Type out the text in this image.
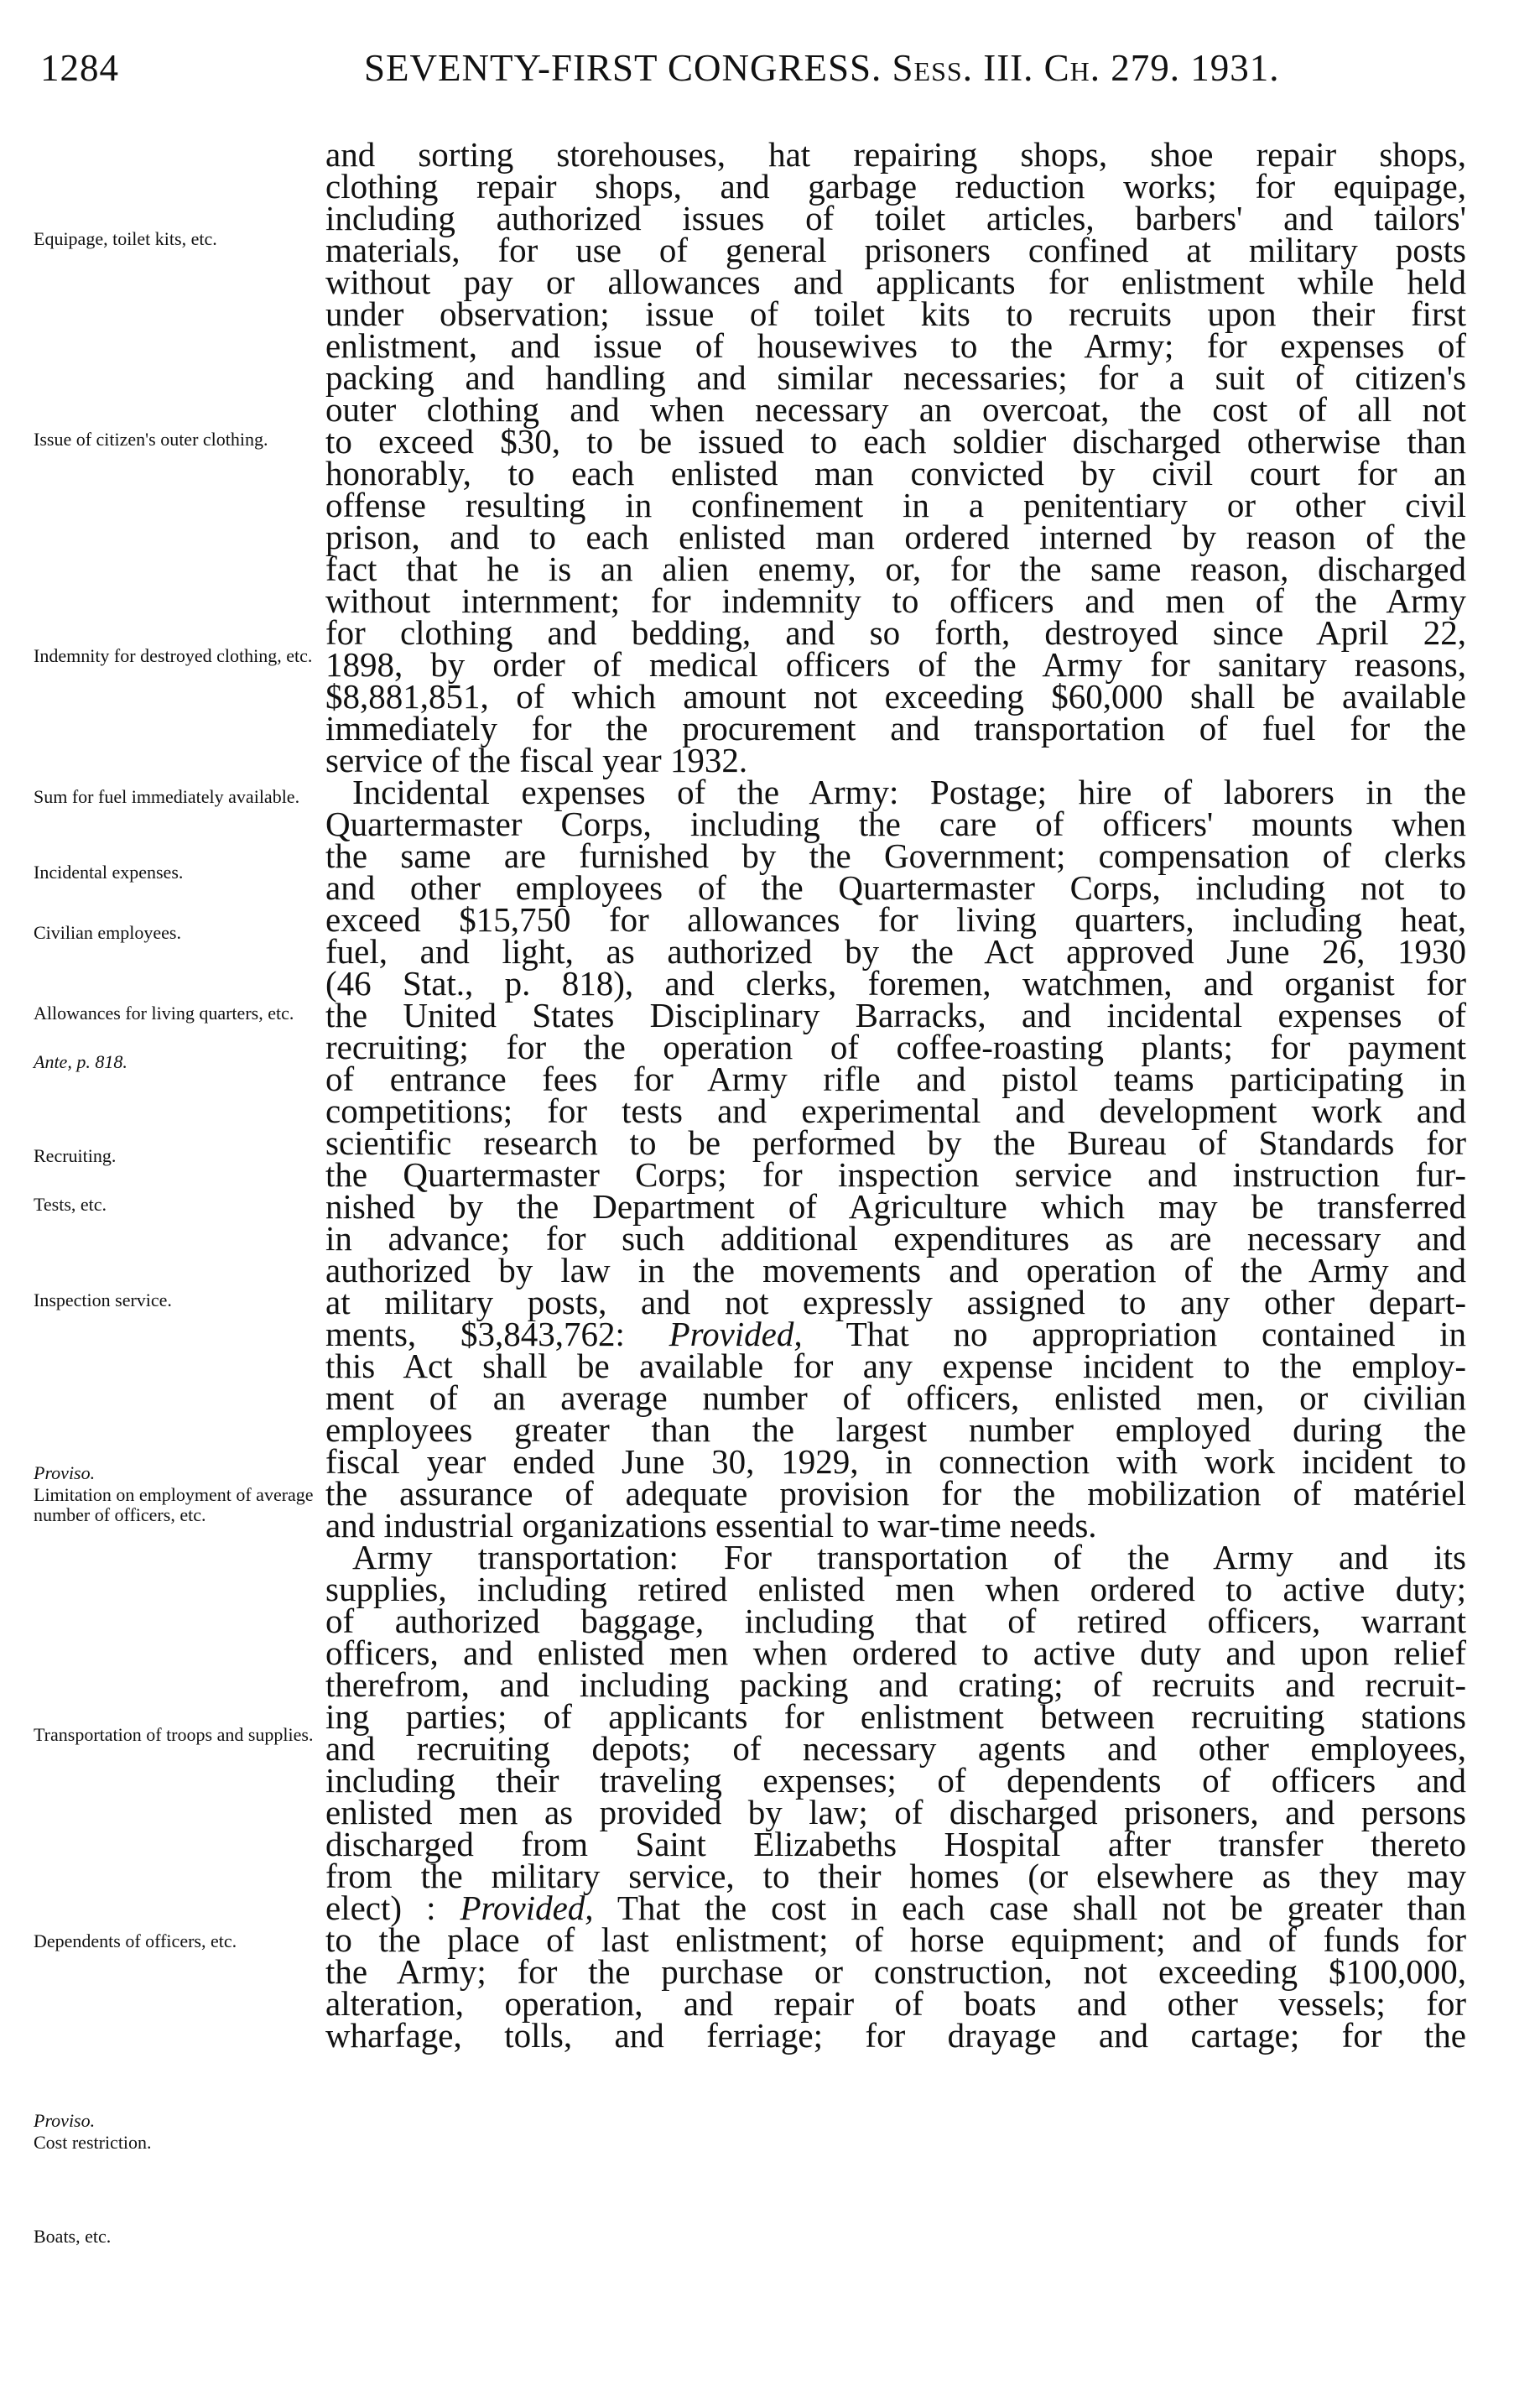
1284	SEVENTY-FIRST CONGRESS. Sess. III. Ch. 279. 1931.
Equipage, toilet kits, etc.
Issue of citizen's outer clothing.
Indemnity for destroyed clothing, etc.
Sum for fuel immediately available.
Incidental expenses.
Civilian employees.
Allowances for living quarters, etc.
Ante, p. 818.
Recruiting.
Tests, etc.
Inspection service.
Proviso.
Limitation on employment of average number of officers, etc.
Transportation of troops and supplies.
Dependents of officers, etc.
Proviso.
Cost restriction.
Boats, etc.
and sorting storehouses, hat repairing shops, shoe repair shops,
clothing repair shops, and garbage reduction works; for equipage,
including authorized issues of toilet articles, barbers' and tailors'
materials, for use of general prisoners confined at military posts
without pay or allowances and applicants for enlistment while held
under observation; issue of toilet kits to recruits upon their first
enlistment, and issue of housewives to the Army; for expenses of
packing and handling and similar necessaries; for a suit of citizen's
outer clothing and when necessary an overcoat, the cost of all not
to exceed $30, to be issued to each soldier discharged otherwise than
honorably, to each enlisted man convicted by civil court for an
offense resulting in confinement in a penitentiary or other civil
prison, and to each enlisted man ordered interned by reason of the
fact that he is an alien enemy, or, for the same reason, discharged
without internment; for indemnity to officers and men of the Army
for clothing and bedding, and so forth, destroyed since April 22,
1898, by order of medical officers of the Army for sanitary reasons,
$8,881,851, of which amount not exceeding $60,000 shall be available
immediately for the procurement and transportation of fuel for the
service of the fiscal year 1932.
Incidental expenses of the Army: Postage; hire of laborers in the
Quartermaster Corps, including the care of officers' mounts when
the same are furnished by the Government; compensation of clerks
and other employees of the Quartermaster Corps, including not to
exceed $15,750 for allowances for living quarters, including heat,
fuel, and light, as authorized by the Act approved June 26, 1930
(46 Stat., p. 818), and clerks, foremen, watchmen, and organist for
the United States Disciplinary Barracks, and incidental expenses of
recruiting; for the operation of coffee-roasting plants; for payment
of entrance fees for Army rifle and pistol teams participating in
competitions; for tests and experimental and development work and
scientific research to be performed by the Bureau of Standards for
the Quartermaster Corps; for inspection service and instruction fur-
nished by the Department of Agriculture which may be transferred
in advance; for such additional expenditures as are necessary and
authorized by law in the movements and operation of the Army and
at military posts, and not expressly assigned to any other depart-
ments, $3,843,762: Provided, That no appropriation contained in
this Act shall be available for any expense incident to the employ-
ment of an average number of officers, enlisted men, or civilian
employees greater than the largest number employed during the
fiscal year ended June 30, 1929, in connection with work incident to
the assurance of adequate provision for the mobilization of matériel
and industrial organizations essential to war-time needs.
Army transportation: For transportation of the Army and its
supplies, including retired enlisted men when ordered to active duty;
of authorized baggage, including that of retired officers, warrant
officers, and enlisted men when ordered to active duty and upon relief
therefrom, and including packing and crating; of recruits and recruit-
ing parties; of applicants for enlistment between recruiting stations
and recruiting depots; of necessary agents and other employees,
including their traveling expenses; of dependents of officers and
enlisted men as provided by law; of discharged prisoners, and persons
discharged from Saint Elizabeths Hospital after transfer thereto
from the military service, to their homes (or elsewhere as they may
elect) : Provided, That the cost in each case shall not be greater than
to the place of last enlistment; of horse equipment; and of funds for
the Army; for the purchase or construction, not exceeding $100,000,
alteration, operation, and repair of boats and other vessels; for
wharfage, tolls, and ferriage; for drayage and cartage; for the
